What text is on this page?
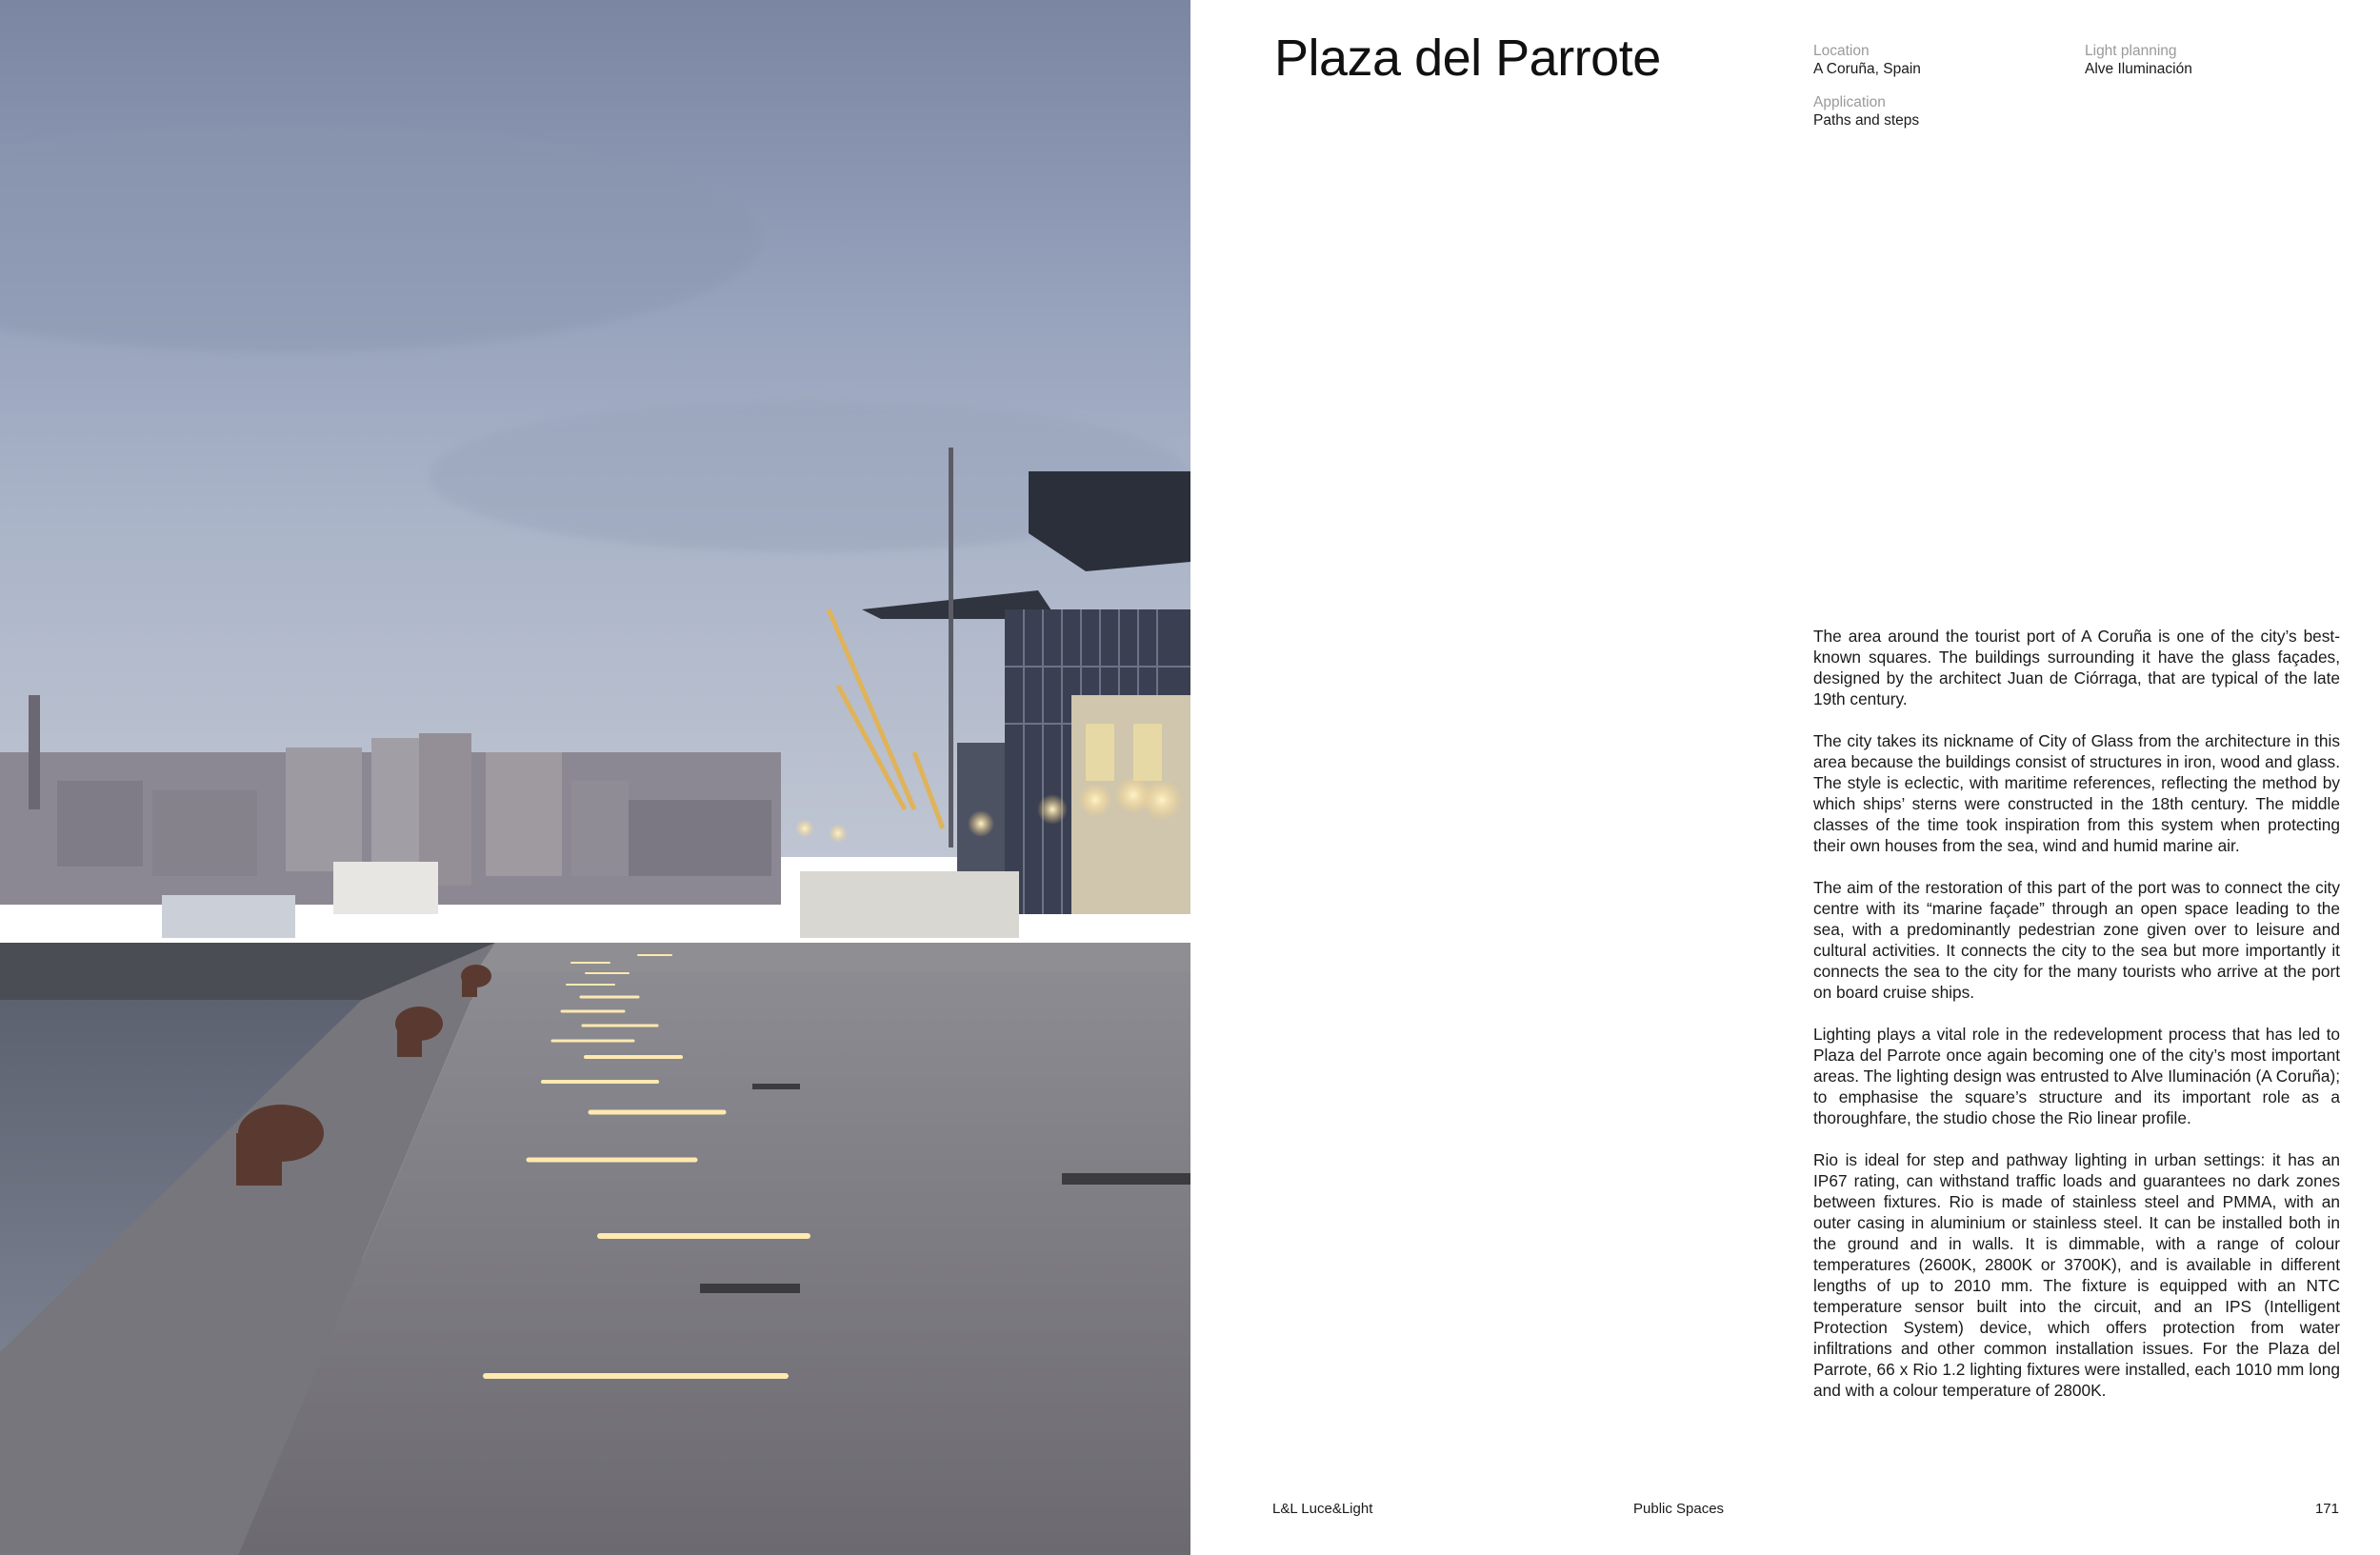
Plaza del Parrote	Location
A Coruña, Spain
Application
Paths and steps
Light planning
Alve Iluminación

The area around the tourist port of A Coruña is one of the city’s best-known squares. The buildings surrounding it have the glass façades, designed by the architect Juan de Ciórraga, that are typical of the late 19th century.

The city takes its nickname of City of Glass from the architecture in this area because the buildings consist of structures in iron, wood and glass. The style is eclectic, with maritime references, reflecting the method by which ships’ sterns were constructed in the 18th century. The middle classes of the time took inspiration from this system when protecting their own houses from the sea, wind and humid marine air.

The aim of the restoration of this part of the port was to connect the city centre with its “marine façade” through an open space leading to the sea, with a predominantly pedestrian zone given over to leisure and cultural activities. It connects the city to the sea but more importantly it connects the sea to the city for the many tourists who arrive at the port on board cruise ships.

Lighting plays a vital role in the redevelopment process that has led to Plaza del Parrote once again becoming one of the city’s most important areas. The lighting design was entrusted to Alve Iluminación (A Coruña); to emphasise the square’s structure and its important role as a thoroughfare, the studio chose the Rio linear profile.

Rio is ideal for step and pathway lighting in urban settings: it has an IP67 rating, can withstand traffic loads and guarantees no dark zones between fixtures. Rio is made of stainless steel and PMMA, with an outer casing in aluminium or stainless steel. It can be installed both in the ground and in walls. It is dimmable, with a range of colour temperatures (2600K, 2800K or 3700K), and is available in different lengths of up to 2010 mm. The fixture is equipped with an NTC temperature sensor built into the circuit, and an IPS (Intelligent Protection System) device, which offers protection from water infiltrations and other common installation issues. For the Plaza del Parrote, 66 x Rio 1.2 lighting fixtures were installed, each 1010 mm long and with a colour temperature of 2800K.

L&L Luce&Light	Public Spaces	171
